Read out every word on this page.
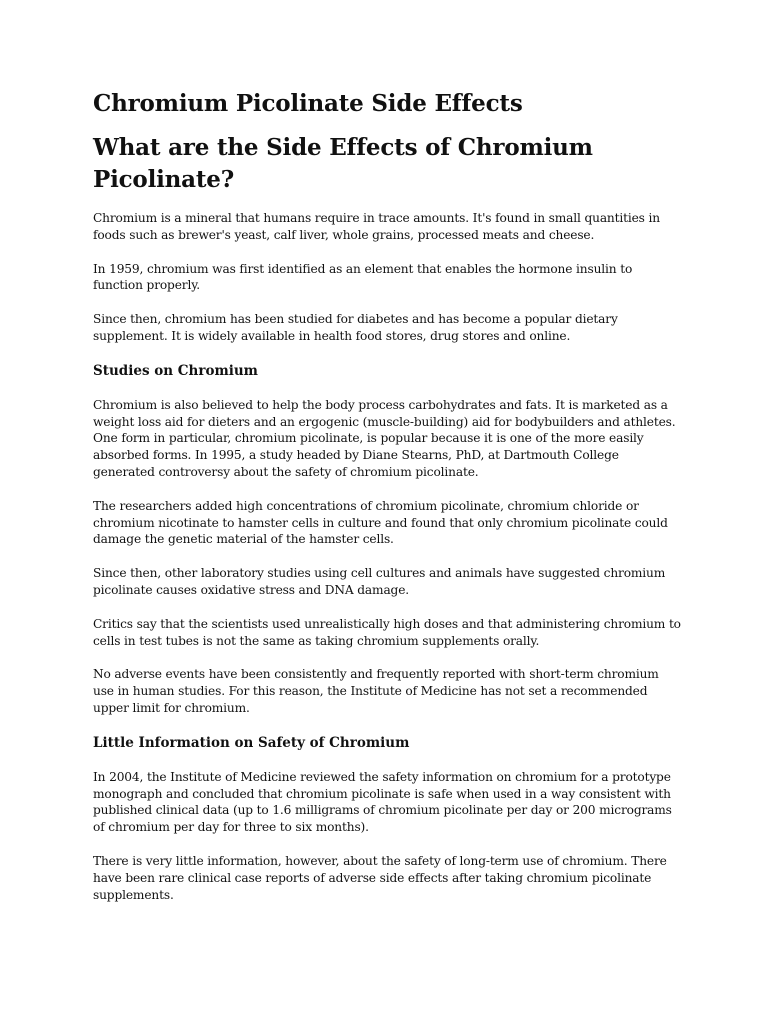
Chromium Picolinate Side Effects
What are the Side Effects of Chromium Picolinate?

Chromium is a mineral that humans require in trace amounts. It's found in small quantities in foods such as brewer's yeast, calf liver, whole grains, processed meats and cheese.

In 1959, chromium was first identified as an element that enables the hormone insulin to function properly.

Since then, chromium has been studied for diabetes and has become a popular dietary supplement. It is widely available in health food stores, drug stores and online.

Studies on Chromium

Chromium is also believed to help the body process carbohydrates and fats. It is marketed as a weight loss aid for dieters and an ergogenic (muscle-building) aid for bodybuilders and athletes. One form in particular, chromium picolinate, is popular because it is one of the more easily absorbed forms. In 1995, a study headed by Diane Stearns, PhD, at Dartmouth College generated controversy about the safety of chromium picolinate.

The researchers added high concentrations of chromium picolinate, chromium chloride or chromium nicotinate to hamster cells in culture and found that only chromium picolinate could damage the genetic material of the hamster cells.

Since then, other laboratory studies using cell cultures and animals have suggested chromium picolinate causes oxidative stress and DNA damage.

Critics say that the scientists used unrealistically high doses and that administering chromium to cells in test tubes is not the same as taking chromium supplements orally.

No adverse events have been consistently and frequently reported with short-term chromium use in human studies. For this reason, the Institute of Medicine has not set a recommended upper limit for chromium.

Little Information on Safety of Chromium

In 2004, the Institute of Medicine reviewed the safety information on chromium for a prototype monograph and concluded that chromium picolinate is safe when used in a way consistent with published clinical data (up to 1.6 milligrams of chromium picolinate per day or 200 micrograms of chromium per day for three to six months).

There is very little information, however, about the safety of long-term use of chromium. There have been rare clinical case reports of adverse side effects after taking chromium picolinate supplements.
